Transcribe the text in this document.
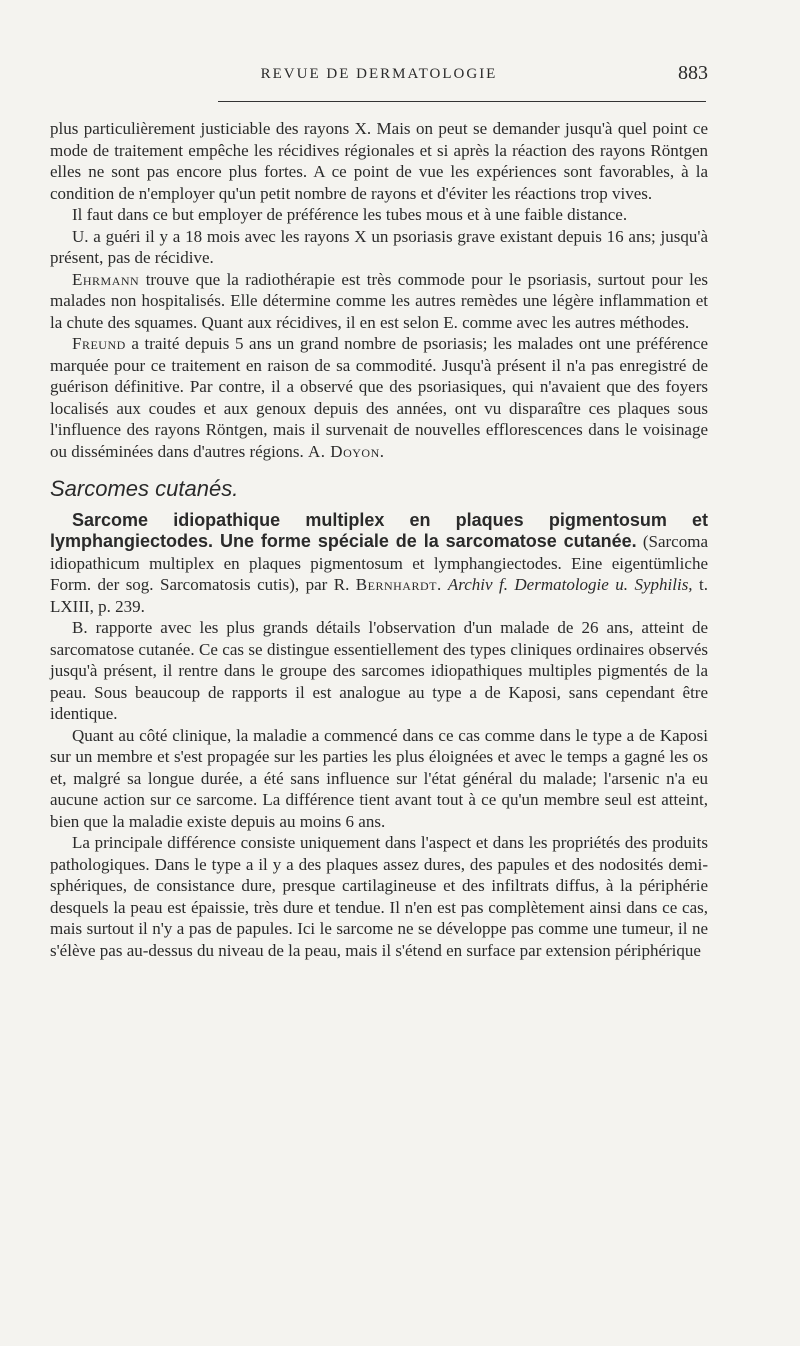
REVUE DE DERMATOLOGIE	883

plus particulièrement justiciable des rayons X. Mais on peut se demander jusqu'à quel point ce mode de traitement empêche les récidives régionales et si après la réaction des rayons Röntgen elles ne sont pas encore plus fortes. A ce point de vue les expériences sont favorables, à la condition de n'employer qu'un petit nombre de rayons et d'éviter les réactions trop vives.

Il faut dans ce but employer de préférence les tubes mous et à une faible distance.

U. a guéri il y a 18 mois avec les rayons X un psoriasis grave existant depuis 16 ans; jusqu'à présent, pas de récidive.

Ehrmann trouve que la radiothérapie est très commode pour le psoriasis, surtout pour les malades non hospitalisés. Elle détermine comme les autres remèdes une légère inflammation et la chute des squames. Quant aux récidives, il en est selon E. comme avec les autres méthodes.

Freund a traité depuis 5 ans un grand nombre de psoriasis; les malades ont une préférence marquée pour ce traitement en raison de sa commodité. Jusqu'à présent il n'a pas enregistré de guérison définitive. Par contre, il a observé que des psoriasiques, qui n'avaient que des foyers localisés aux coudes et aux genoux depuis des années, ont vu disparaître ces plaques sous l'influence des rayons Röntgen, mais il survenait de nouvelles efflorescences dans le voisinage ou disséminées dans d'autres régions. A. Doyon.

Sarcomes cutanés.

Sarcome idiopathique multiplex en plaques pigmentosum et lymphangiectodes. Une forme spéciale de la sarcomatose cutanée. (Sarcoma idiopathicum multiplex en plaques pigmentosum et lymphangiectodes. Eine eigentümliche Form. der sog. Sarcomatosis cutis), par R. Bernhardt. Archiv f. Dermatologie u. Syphilis, t. LXIII, p. 239.

B. rapporte avec les plus grands détails l'observation d'un malade de 26 ans, atteint de sarcomatose cutanée. Ce cas se distingue essentiellement des types cliniques ordinaires observés jusqu'à présent, il rentre dans le groupe des sarcomes idiopathiques multiples pigmentés de la peau. Sous beaucoup de rapports il est analogue au type a de Kaposi, sans cependant être identique.

Quant au côté clinique, la maladie a commencé dans ce cas comme dans le type a de Kaposi sur un membre et s'est propagée sur les parties les plus éloignées et avec le temps a gagné les os et, malgré sa longue durée, a été sans influence sur l'état général du malade; l'arsenic n'a eu aucune action sur ce sarcome. La différence tient avant tout à ce qu'un membre seul est atteint, bien que la maladie existe depuis au moins 6 ans.

La principale différence consiste uniquement dans l'aspect et dans les propriétés des produits pathologiques. Dans le type a il y a des plaques assez dures, des papules et des nodosités demi-sphériques, de consistance dure, presque cartilagineuse et des infiltrats diffus, à la périphérie desquels la peau est épaissie, très dure et tendue. Il n'en est pas complètement ainsi dans ce cas, mais surtout il n'y a pas de papules. Ici le sarcome ne se développe pas comme une tumeur, il ne s'élève pas au-dessus du niveau de la peau, mais il s'étend en surface par extension périphérique
